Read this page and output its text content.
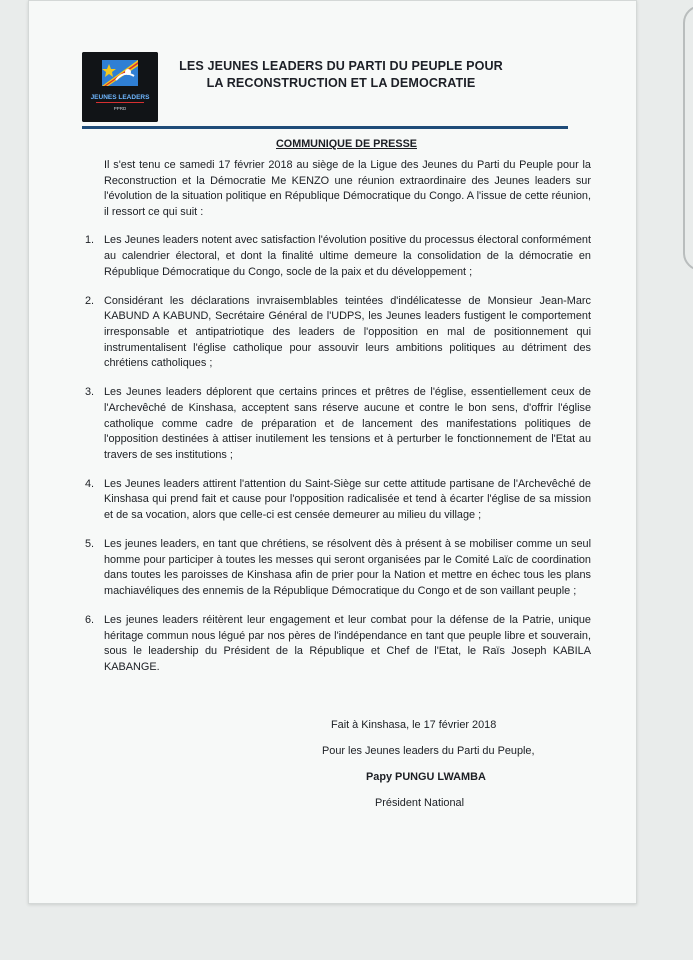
JEUNES LEADERS
PPRD
LES JEUNES LEADERS DU PARTI DU PEUPLE POUR
LA RECONSTRUCTION ET LA DEMOCRATIE
COMMUNIQUE DE PRESSE

Il s'est tenu ce samedi 17 février 2018 au siège de la Ligue des Jeunes du Parti du Peuple pour la Reconstruction et la Démocratie Me KENZO une réunion extraordinaire des Jeunes leaders sur l'évolution de la situation politique en République Démocratique du Congo. A l'issue de cette réunion, il ressort ce qui suit :

1. Les Jeunes leaders notent avec satisfaction l'évolution positive du processus électoral conformément au calendrier électoral, et dont la finalité ultime demeure la consolidation de la démocratie en République Démocratique du Congo, socle de la paix et du développement ;
2. Considérant les déclarations invraisemblables teintées d'indélicatesse de Monsieur Jean-Marc KABUND A KABUND, Secrétaire Général de l'UDPS, les Jeunes leaders fustigent le comportement irresponsable et antipatriotique des leaders de l'opposition en mal de positionnement qui instrumentalisent l'église catholique pour assouvir leurs ambitions politiques au détriment des chrétiens catholiques ;
3. Les Jeunes leaders déplorent que certains princes et prêtres de l'église, essentiellement ceux de l'Archevêché de Kinshasa, acceptent sans réserve aucune et contre le bon sens, d'offrir l'église catholique comme cadre de préparation et de lancement des manifestations politiques de l'opposition destinées à attiser inutilement les tensions et à perturber le fonctionnement de l'Etat au travers de ses institutions ;
4. Les Jeunes leaders attirent l'attention du Saint-Siège sur cette attitude partisane de l'Archevêché de Kinshasa qui prend fait et cause pour l'opposition radicalisée et tend à écarter l'église de sa mission et de sa vocation, alors que celle-ci est censée demeurer au milieu du village ;
5. Les jeunes leaders, en tant que chrétiens, se résolvent dès à présent à se mobiliser comme un seul homme pour participer à toutes les messes qui seront organisées par le Comité Laïc de coordination dans toutes les paroisses de Kinshasa afin de prier pour la Nation et mettre en échec tous les plans machiavéliques des ennemis de la République Démocratique du Congo et de son vaillant peuple ;
6. Les jeunes leaders réitèrent leur engagement et leur combat pour la défense de la Patrie, unique héritage commun nous légué par nos pères de l'indépendance en tant que peuple libre et souverain, sous le leadership du Président de la République et Chef de l'Etat, le Raïs Joseph KABILA KABANGE.
Fait à Kinshasa, le 17 février 2018
Pour les Jeunes leaders du Parti du Peuple,
Papy PUNGU LWAMBA
Président National
